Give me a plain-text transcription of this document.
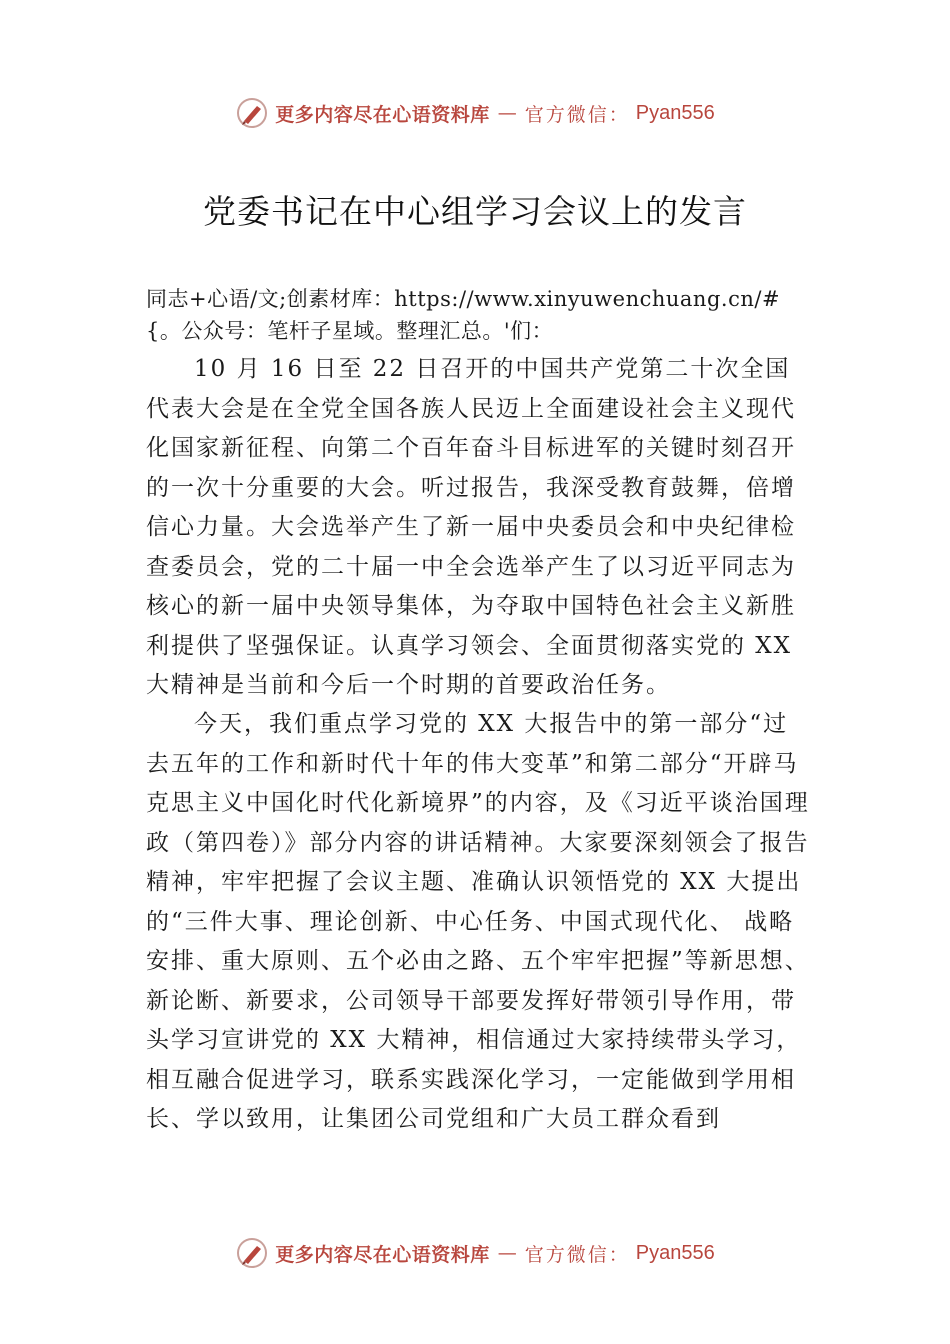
更多内容尽在心语资料库 — 官方微信： Pyan556
党委书记在中心组学习会议上的发言
同志+心语/文;创素材库：https://www.xinyuwenchuang.cn/#{。公众号：笔杆子星域。整理汇总。'们：
10 月 16 日至 22 日召开的中国共产党第二十次全国代表大会是在全党全国各族人民迈上全面建设社会主义现代化国家新征程、向第二个百年奋斗目标进军的关键时刻召开的一次十分重要的大会。听过报告，我深受教育鼓舞，倍增信心力量。大会选举产生了新一届中央委员会和中央纪律检查委员会，党的二十届一中全会选举产生了以习近平同志为核心的新一届中央领导集体，为夺取中国特色社会主义新胜利提供了坚强保证。认真学习领会、全面贯彻落实党的 XX 大精神是当前和今后一个时期的首要政治任务。
今天，我们重点学习党的 XX 大报告中的第一部分“过去五年的工作和新时代十年的伟大变革”和第二部分“开辟马克思主义中国化时代化新境界”的内容，及《习近平谈治国理政（第四卷）》部分内容的讲话精神。大家要深刻领会了报告精神，牢牢把握了会议主题、准确认识领悟党的 XX 大提出的“三件大事、理论创新、中心任务、中国式现代化、 战略安排、重大原则、五个必由之路、五个牢牢把握”等新思想、新论断、新要求，公司领导干部要发挥好带领引导作用，带头学习宣讲党的 XX 大精神，相信通过大家持续带头学习，相互融合促进学习，联系实践深化学习，一定能做到学用相长、学以致用，让集团公司党组和广大员工群众看到
更多内容尽在心语资料库 — 官方微信： Pyan556
